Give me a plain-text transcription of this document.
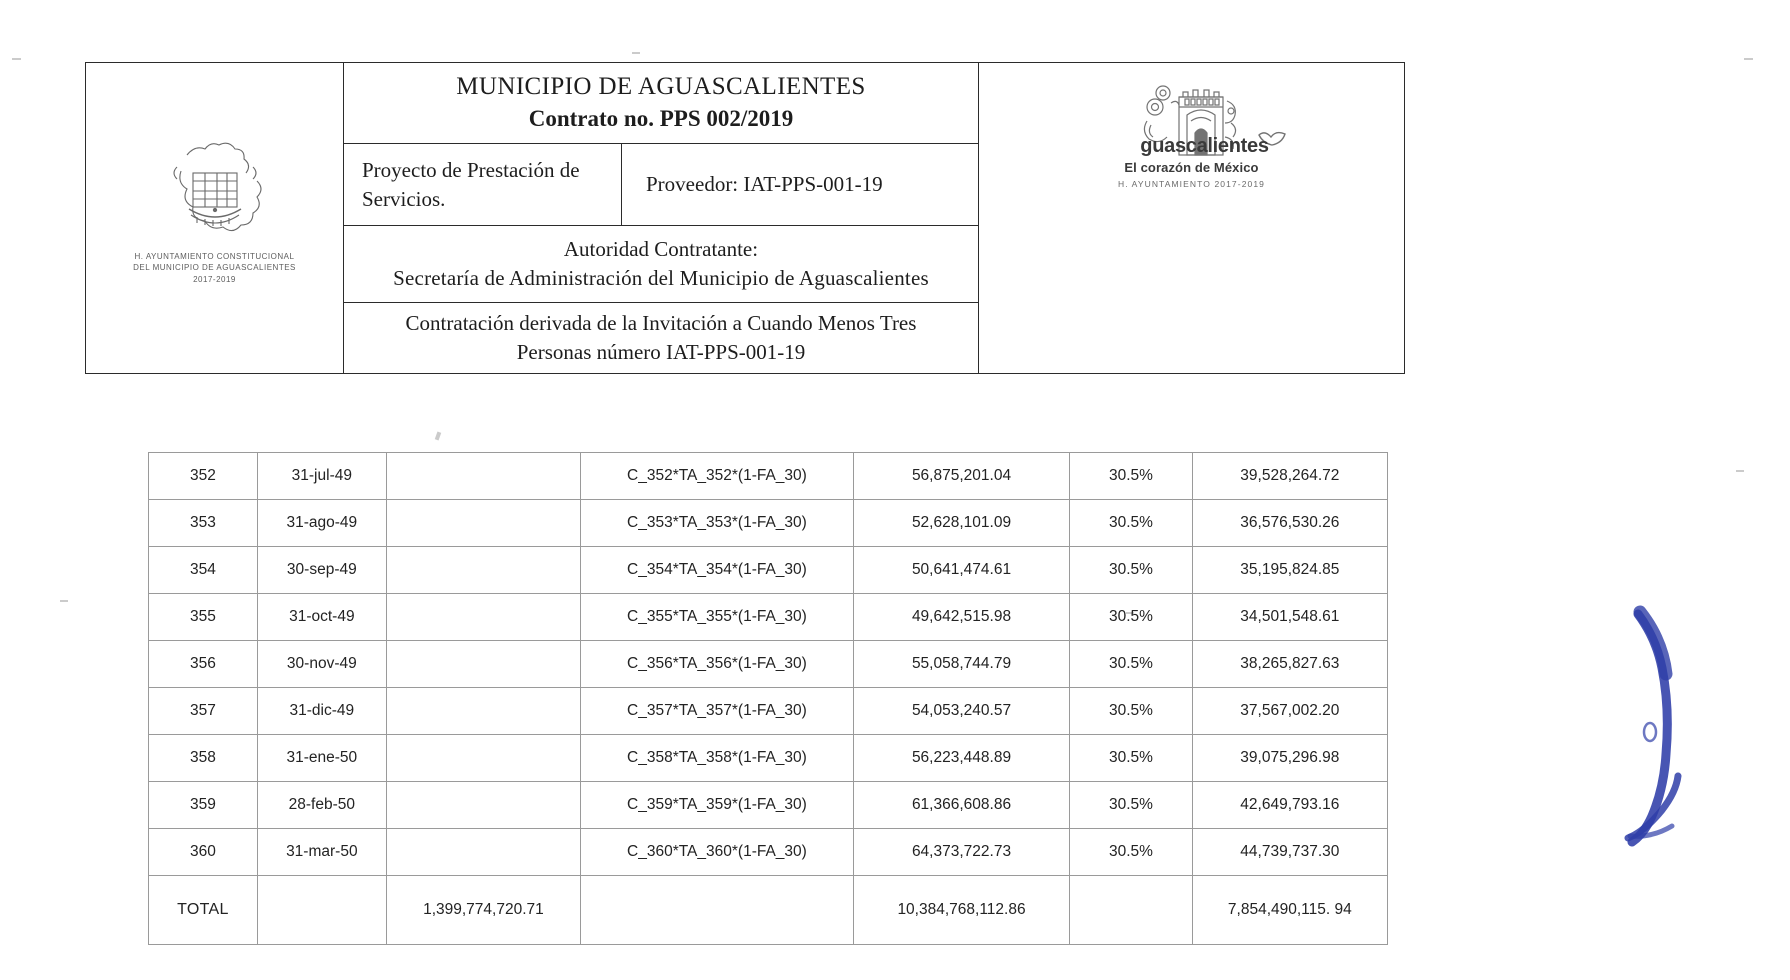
H. AYUNTAMIENTO CONSTITUCIONAL
DEL MUNICIPIO DE AGUASCALIENTES
2017-2019
MUNICIPIO DE AGUASCALIENTES
Contrato no. PPS 002/2019
Proyecto de Prestación de Servicios.
Proveedor: IAT-PPS-001-19
Autoridad Contratante:
Secretaría de Administración del Municipio de Aguascalientes
Contratación derivada de la Invitación a Cuando Menos Tres
Personas número IAT-PPS-001-19
guascalientes
El corazón de México
H. AYUNTAMIENTO 2017-2019
352	31-jul-49		C_352*TA_352*(1-FA_30)	56,875,201.04	30.5%	39,528,264.72
353	31-ago-49		C_353*TA_353*(1-FA_30)	52,628,101.09	30.5%	36,576,530.26
354	30-sep-49		C_354*TA_354*(1-FA_30)	50,641,474.61	30.5%	35,195,824.85
355	31-oct-49		C_355*TA_355*(1-FA_30)	49,642,515.98	30.5%	34,501,548.61
356	30-nov-49		C_356*TA_356*(1-FA_30)	55,058,744.79	30.5%	38,265,827.63
357	31-dic-49		C_357*TA_357*(1-FA_30)	54,053,240.57	30.5%	37,567,002.20
358	31-ene-50		C_358*TA_358*(1-FA_30)	56,223,448.89	30.5%	39,075,296.98
359	28-feb-50		C_359*TA_359*(1-FA_30)	61,366,608.86	30.5%	42,649,793.16
360	31-mar-50		C_360*TA_360*(1-FA_30)	64,373,722.73	30.5%	44,739,737.30
TOTAL		1,399,774,720.71		10,384,768,112.86		7,854,490,115. 94
